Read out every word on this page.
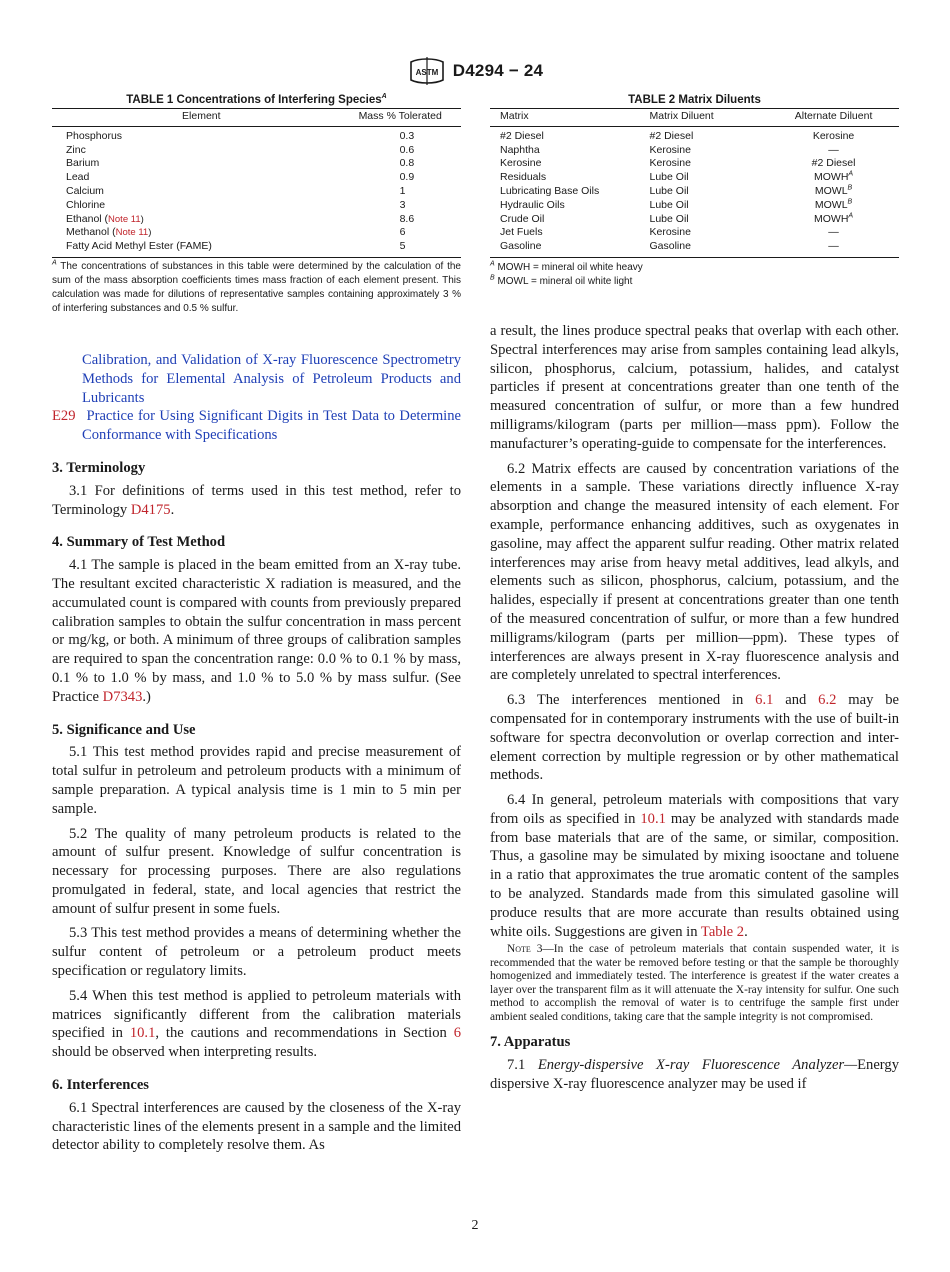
ASTM D4294 − 24
TABLE 1 Concentrations of Interfering Species$^A$
Element	Mass % Tolerated
Phosphorus	0.3
Zinc	0.6
Barium	0.8
Lead	0.9
Calcium	1
Chlorine	3
Ethanol (Note 11)	8.6
Methanol (Note 11)	6
Fatty Acid Methyl Ester (FAME)	5
$^A$ The concentrations of substances in this table were determined by the calculation of the sum of the mass absorption coefficients times mass fraction of each element present. This calculation was made for dilutions of representative samples containing approximately 3 % of interfering substances and 0.5 % sulfur.

Calibration, and Validation of X-ray Fluorescence Spectrometry Methods for Elemental Analysis of Petroleum Products and Lubricants

E29 Practice for Using Significant Digits in Test Data to Determine Conformance with Specifications

3. Terminology

3.1 For definitions of terms used in this test method, refer to Terminology D4175.

4. Summary of Test Method

4.1 The sample is placed in the beam emitted from an X-ray tube. The resultant excited characteristic X radiation is measured, and the accumulated count is compared with counts from previously prepared calibration samples to obtain the sulfur concentration in mass percent or mg/kg, or both. A minimum of three groups of calibration samples are required to span the concentration range: 0.0 % to 0.1 % by mass, 0.1 % to 1.0 % by mass, and 1.0 % to 5.0 % by mass sulfur. (See Practice D7343.)

5. Significance and Use

5.1 This test method provides rapid and precise measurement of total sulfur in petroleum and petroleum products with a minimum of sample preparation. A typical analysis time is 1 min to 5 min per sample.

5.2 The quality of many petroleum products is related to the amount of sulfur present. Knowledge of sulfur concentration is necessary for processing purposes. There are also regulations promulgated in federal, state, and local agencies that restrict the amount of sulfur present in some fuels.

5.3 This test method provides a means of determining whether the sulfur content of petroleum or a petroleum product meets specification or regulatory limits.

5.4 When this test method is applied to petroleum materials with matrices significantly different from the calibration materials specified in 10.1, the cautions and recommendations in Section 6 should be observed when interpreting results.

6. Interferences

6.1 Spectral interferences are caused by the closeness of the X-ray characteristic lines of the elements present in a sample and the limited detector ability to completely resolve them. As

TABLE 2 Matrix Diluents
Matrix	Matrix Diluent	Alternate Diluent
#2 Diesel	#2 Diesel	Kerosine
Naphtha	Kerosine	—
Kerosine	Kerosine	#2 Diesel
Residuals	Lube Oil	$MOWH^A$
Lubricating Base Oils	Lube Oil	$MOWL^B$
Hydraulic Oils	Lube Oil	$MOWL^B$
Crude Oil	Lube Oil	$MOWH^A$
Jet Fuels	Kerosine	—
Gasoline	Gasoline	—
$^A$ MOWH = mineral oil white heavy
$^B$ MOWL = mineral oil white light

a result, the lines produce spectral peaks that overlap with each other. Spectral interferences may arise from samples containing lead alkyls, silicon, phosphorus, calcium, potassium, halides, and catalyst particles if present at concentrations greater than one tenth of the measured concentration of sulfur, or more than a few hundred milligrams/kilogram (parts per million—mass ppm). Follow the manufacturer’s operating-guide to compensate for the interferences.

6.2 Matrix effects are caused by concentration variations of the elements in a sample. These variations directly influence X-ray absorption and change the measured intensity of each element. For example, performance enhancing additives, such as oxygenates in gasoline, may affect the apparent sulfur reading. Other matrix related interferences may arise from heavy metal additives, lead alkyls, and elements such as silicon, phosphorus, calcium, potassium, and the halides, especially if present at concentrations greater than one tenth of the measured concentration of sulfur, or more than a few hundred milligrams/kilogram (parts per million—ppm). These types of interferences are always present in X-ray fluorescence analysis and are completely unrelated to spectral interferences.

6.3 The interferences mentioned in 6.1 and 6.2 may be compensated for in contemporary instruments with the use of built-in software for spectra deconvolution or overlap correction and inter-element correction by multiple regression or by other mathematical methods.

6.4 In general, petroleum materials with compositions that vary from oils as specified in 10.1 may be analyzed with standards made from base materials that are of the same, or similar, composition. Thus, a gasoline may be simulated by mixing isooctane and toluene in a ratio that approximates the true aromatic content of the samples to be analyzed. Standards made from this simulated gasoline will produce results that are more accurate than results obtained using white oils. Suggestions are given in Table 2.

Note 3—In the case of petroleum materials that contain suspended water, it is recommended that the water be removed before testing or that the sample be thoroughly homogenized and immediately tested. The interference is greatest if the water creates a layer over the transparent film as it will attenuate the X-ray intensity for sulfur. One such method to accomplish the removal of water is to centrifuge the sample first under ambient sealed conditions, taking care that the sample integrity is not compromised.

7. Apparatus

7.1 Energy-dispersive X-ray Fluorescence Analyzer—Energy dispersive X-ray fluorescence analyzer may be used if

2
